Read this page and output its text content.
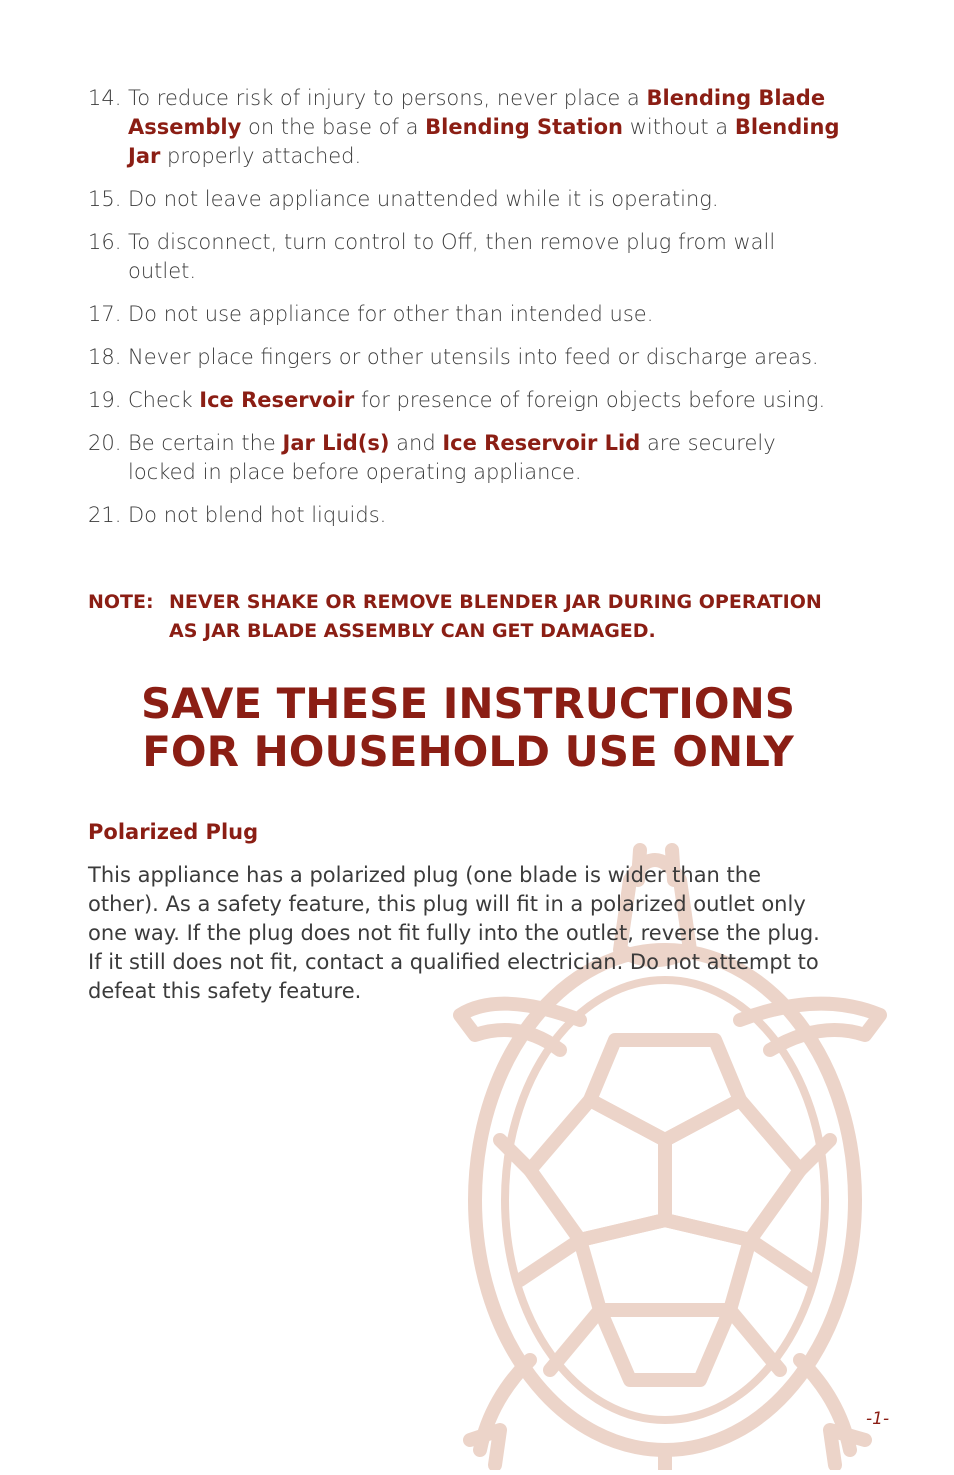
14. To reduce risk of injury to persons, never place a Blending Blade Assembly on the base of a Blending Station without a Blending Jar properly attached.
15. Do not leave appliance unattended while it is operating.
16. To disconnect, turn control to Off, then remove plug from wall outlet.
17. Do not use appliance for other than intended use.
18. Never place fingers or other utensils into feed or discharge areas.
19. Check Ice Reservoir for presence of foreign objects before using.
20. Be certain the Jar Lid(s) and Ice Reservoir Lid are securely locked in place before operating appliance.
21. Do not blend hot liquids.
NOTE: NEVER SHAKE OR REMOVE BLENDER JAR DURING OPERATION AS JAR BLADE ASSEMBLY CAN GET DAMAGED.
SAVE THESE INSTRUCTIONS
FOR HOUSEHOLD USE ONLY
Polarized Plug
This appliance has a polarized plug (one blade is wider than the other). As a safety feature, this plug will fit in a polarized outlet only one way. If the plug does not fit fully into the outlet, reverse the plug. If it still does not fit, contact a qualified electrician. Do not attempt to defeat this safety feature.
-1-
